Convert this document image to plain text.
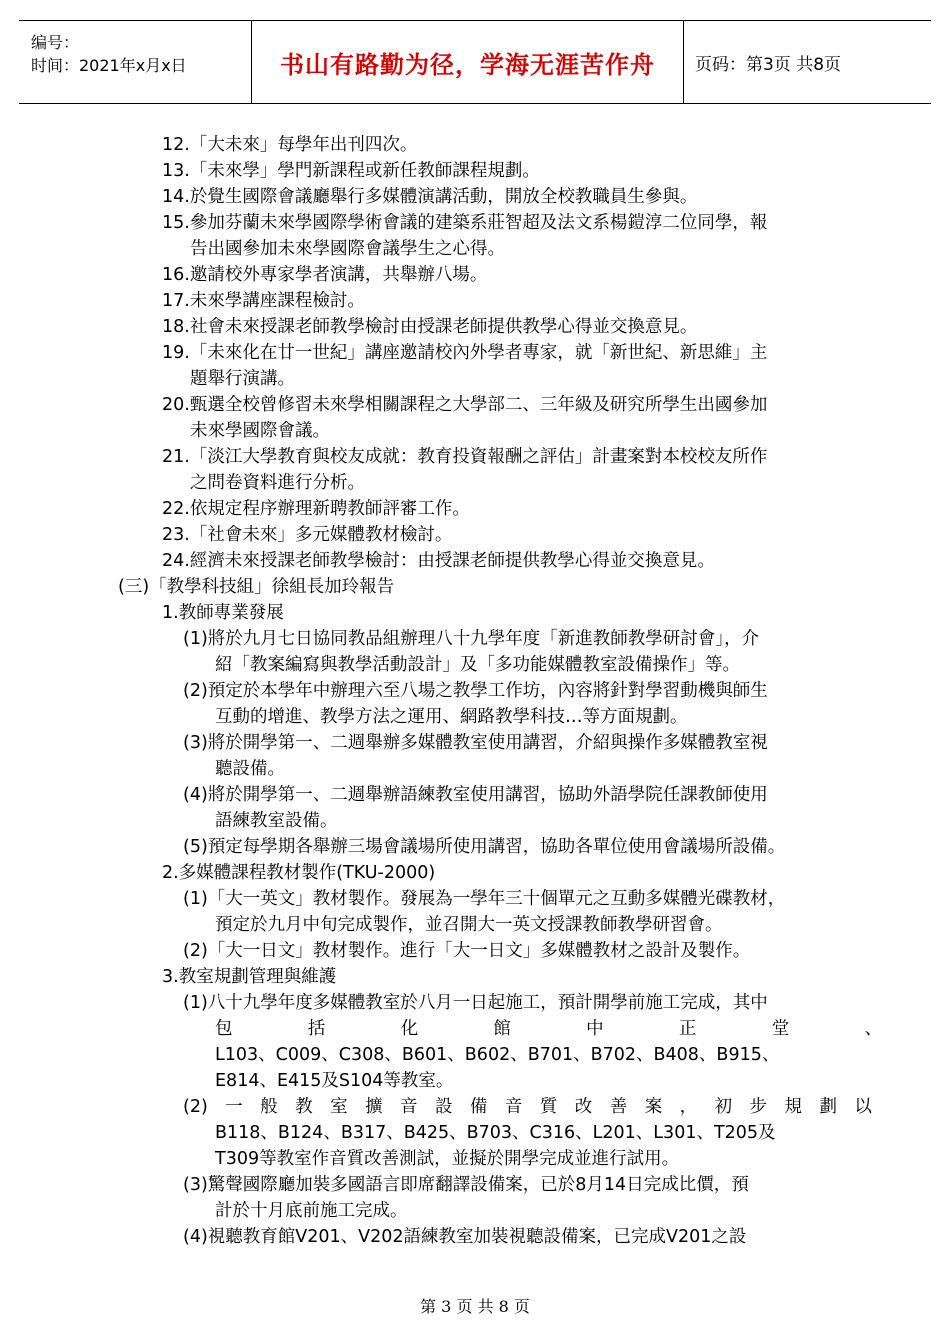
编号：
时间：2021年x月x日	书山有路勤为径，学海无涯苦作舟	页码：第3页 共8页
12.「大未來」每學年出刊四次。
13.「未來學」學門新課程或新任教師課程規劃。
14.於覺生國際會議廳舉行多媒體演講活動，開放全校教職員生參與。
15.參加芬蘭未來學國際學術會議的建築系莊智超及法文系楊鎧淳二位同學，報
告出國參加未來學國際會議學生之心得。
16.邀請校外專家學者演講，共舉辦八場。
17.未來學講座課程檢討。
18.社會未來授課老師教學檢討由授課老師提供教學心得並交換意見。
19.「未來化在廿一世紀」講座邀請校內外學者專家，就「新世紀、新思維」主
題舉行演講。
20.甄選全校曾修習未來學相關課程之大學部二、三年級及研究所學生出國參加
未來學國際會議。
21.「淡江大學教育與校友成就：教育投資報酬之評估」計畫案對本校校友所作
之問卷資料進行分析。
22.依規定程序辦理新聘教師評審工作。
23.「社會未來」多元媒體教材檢討。
24.經濟未來授課老師教學檢討：由授課老師提供教學心得並交換意見。
(三)「教學科技組」徐組長加玲報告
1.教師專業發展
(1)將於九月七日協同教品組辦理八十九學年度「新進教師教學研討會」，介
紹「教案編寫與教學活動設計」及「多功能媒體教室設備操作」等。
(2)預定於本學年中辦理六至八場之教學工作坊，內容將針對學習動機與師生
互動的增進、教學方法之運用、網路教學科技…等方面規劃。
(3)將於開學第一、二週舉辦多媒體教室使用講習，介紹與操作多媒體教室視
聽設備。
(4)將於開學第一、二週舉辦語練教室使用講習，協助外語學院任課教師使用
語練教室設備。
(5)預定每學期各舉辦三場會議場所使用講習，協助各單位使用會議場所設備。
2.多媒體課程教材製作(TKU-2000)
(1)「大一英文」教材製作。發展為一學年三十個單元之互動多媒體光碟教材，
預定於九月中旬完成製作，並召開大一英文授課教師教學研習會。
(2)「大一日文」教材製作。進行「大一日文」多媒體教材之設計及製作。
3.教室規劃管理與維護
(1)八十九學年度多媒體教室於八月一日起施工，預計開學前施工完成，其中
包	括	化	館	中	正	堂	、
L103、C009、C308、B601、B602、B701、B702、B408、B915、
E814、E415及S104等教室。
(2) 一 般 教 室 擴 音 設 備 音 質 改 善 案 ， 初 步 規 劃 以
B118、B124、B317、B425、B703、C316、L201、L301、T205及
T309等教室作音質改善測試，並擬於開學完成並進行試用。
(3)驚聲國際廳加裝多國語言即席翻譯設備案，已於8月14日完成比價，預
計於十月底前施工完成。
(4)視聽教育館V201、V202語練教室加裝視聽設備案，已完成V201之設
第 3 页 共 8 页
